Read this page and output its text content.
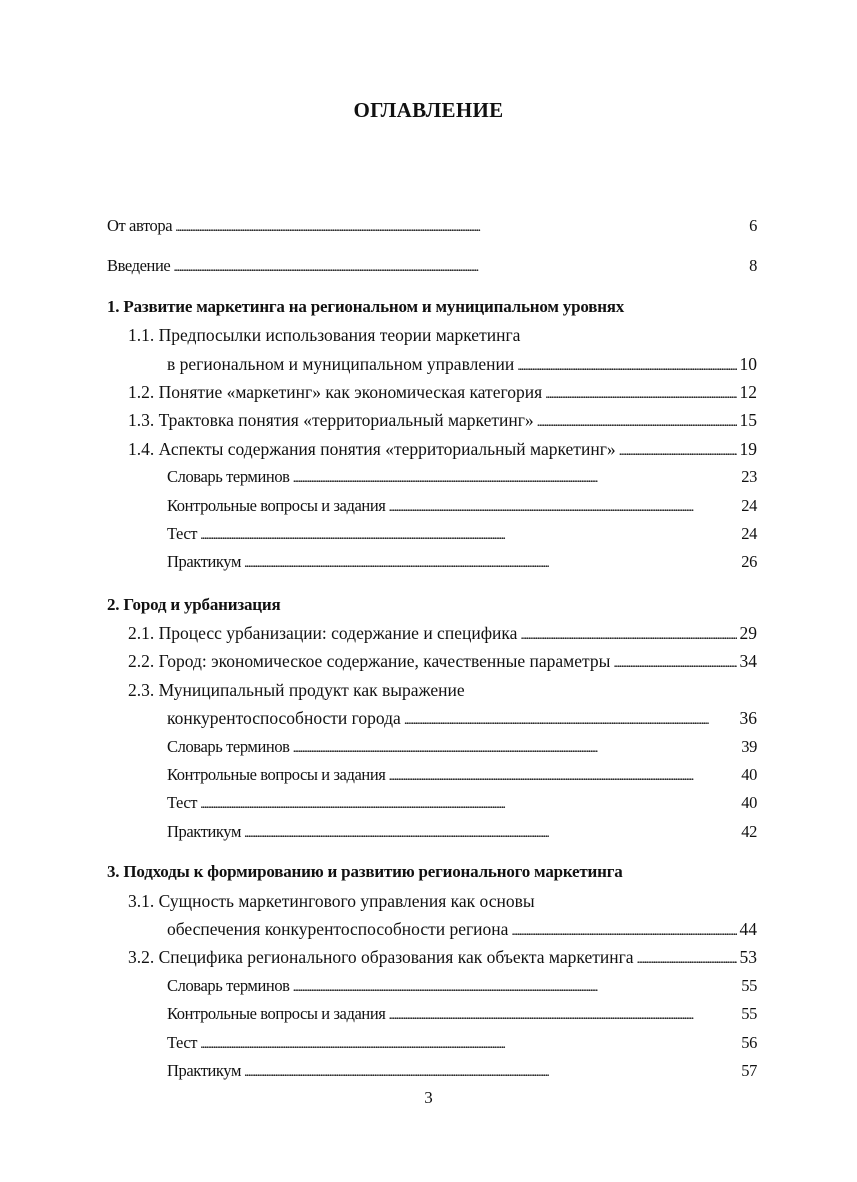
ОГЛАВЛЕНИЕ
От автора . . .	6
Введение . . .	8
1. Развитие маркетинга на региональном и муниципальном уровнях
1.1. Предпосылки использования теории маркетинга
в региональном и муниципальном управлении . . .	10
1.2. Понятие «маркетинг» как экономическая категория . . .	12
1.3. Трактовка понятия «территориальный маркетинг» . . .	15
1.4. Аспекты содержания понятия «территориальный маркетинг» . . .	19
Словарь терминов . . .	23
Контрольные вопросы и задания . . .	24
Тест . . .	24
Практикум . . .	26
2. Город и урбанизация
2.1. Процесс урбанизации: содержание и специфика . . .	29
2.2. Город: экономическое содержание, качественные параметры . . .	34
2.3. Муниципальный продукт как выражение
конкурентоспособности города . . .	36
Словарь терминов . . .	39
Контрольные вопросы и задания . . .	40
Тест . . .	40
Практикум . . .	42
3. Подходы к формированию и развитию регионального маркетинга
3.1. Сущность маркетингового управления как основы
обеспечения конкурентоспособности региона . . .	44
3.2. Специфика регионального образования как объекта маркетинга . . .	53
Словарь терминов . . .	55
Контрольные вопросы и задания . . .	55
Тест . . .	56
Практикум . . .	57
3
